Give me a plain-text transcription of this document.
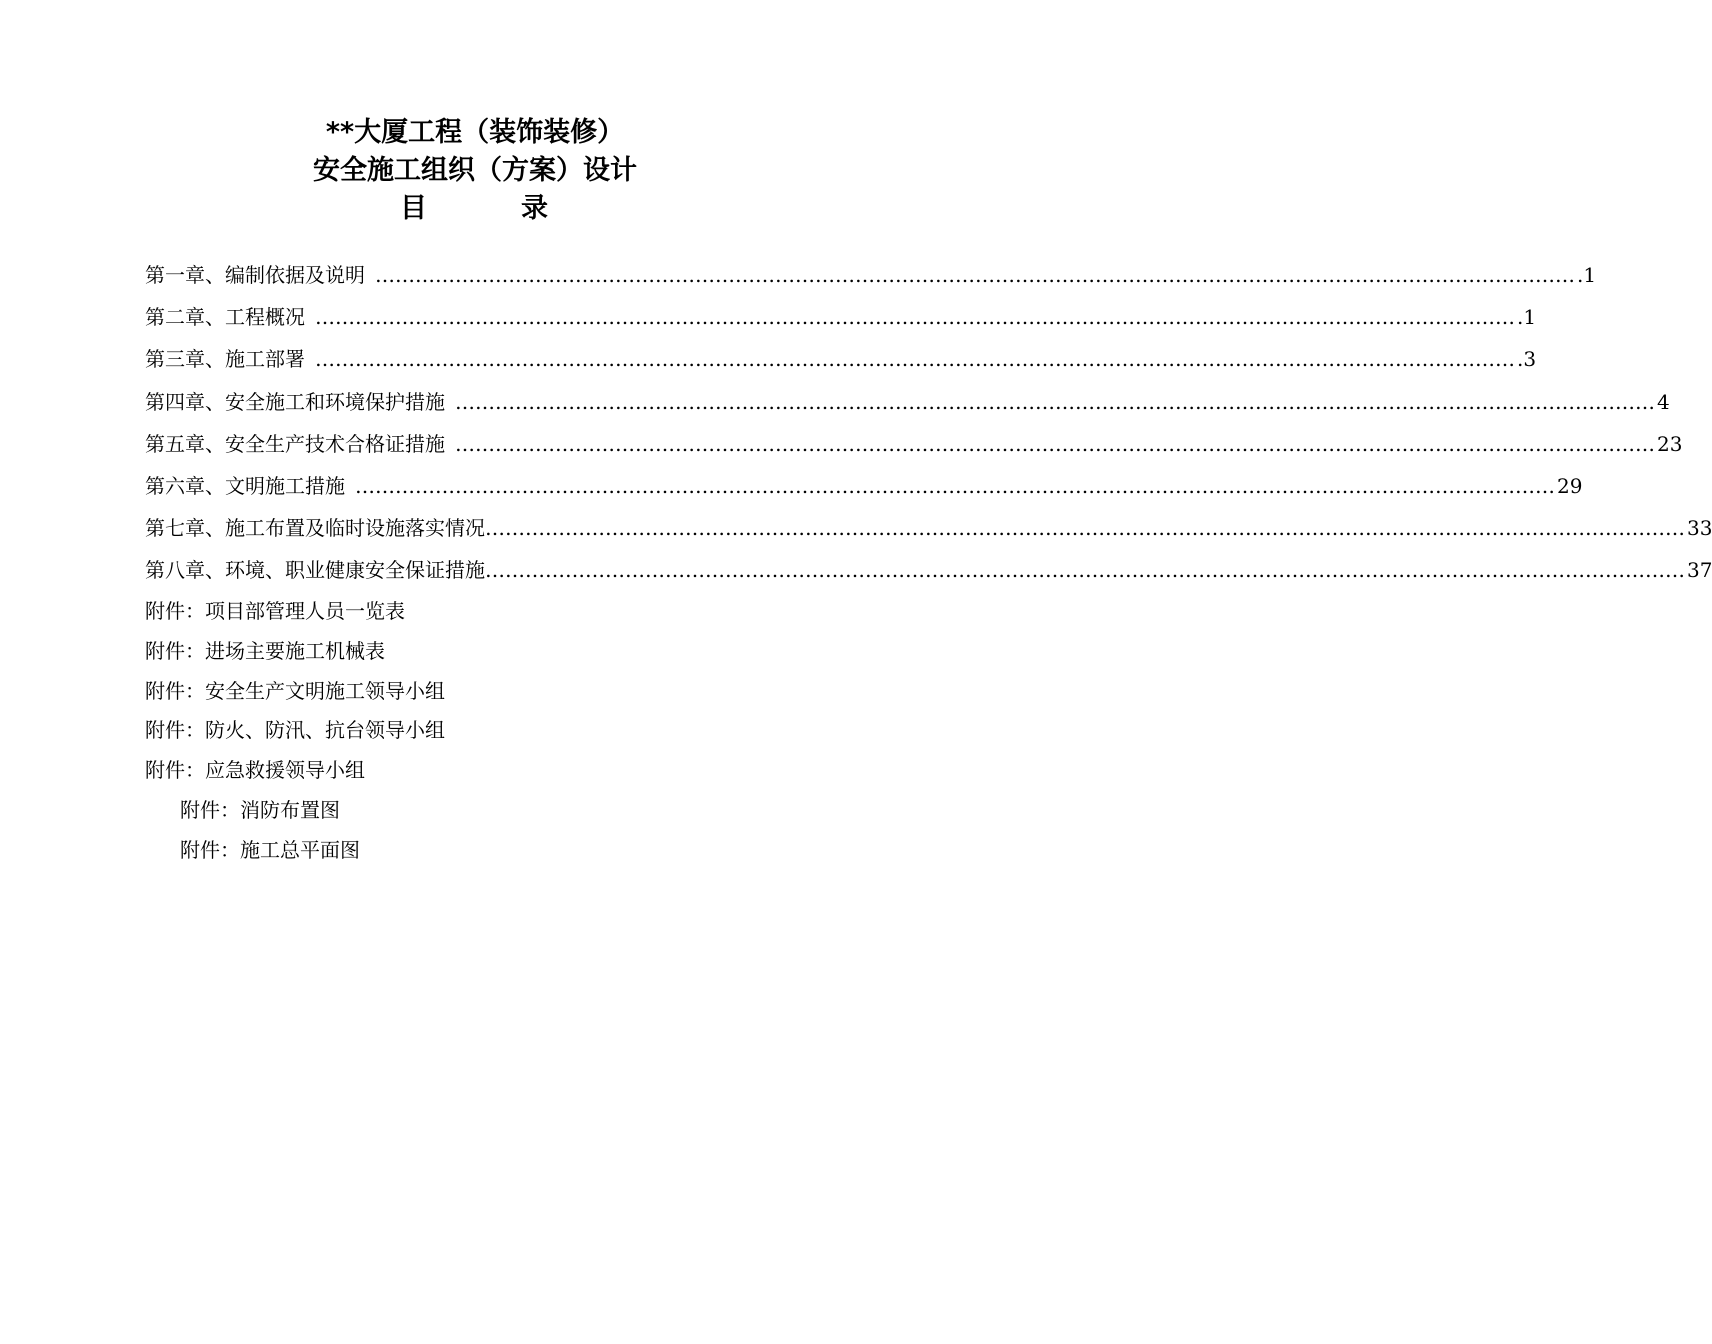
**大厦工程（装饰装修）
安全施工组织（方案）设计
目	录
第一章、编制依据及说明 ……………………………………………………………………………………………………………………………………………………………… .1
第二章、工程概况 ……………………………………………………………………………………………………………………………………………………………… .1
第三章、施工部署 ……………………………………………………………………………………………………………………………………………………………… .3
第四章、安全施工和环境保护措施 ……………………………………………………………………………………………………………………………………………………………… 4
第五章、安全生产技术合格证措施 ……………………………………………………………………………………………………………………………………………………………… 23
第六章、文明施工措施 ……………………………………………………………………………………………………………………………………………………………… 29
第七章、施工布置及临时设施落实情况 ……………………………………………………………………………………………………………………………………………………………… 33
第八章、环境、职业健康安全保证措施 ……………………………………………………………………………………………………………………………………………………………… 37
附件：项目部管理人员一览表
附件：进场主要施工机械表
附件：安全生产文明施工领导小组
附件：防火、防汛、抗台领导小组
附件：应急救援领导小组
附件：消防布置图
附件：施工总平面图
